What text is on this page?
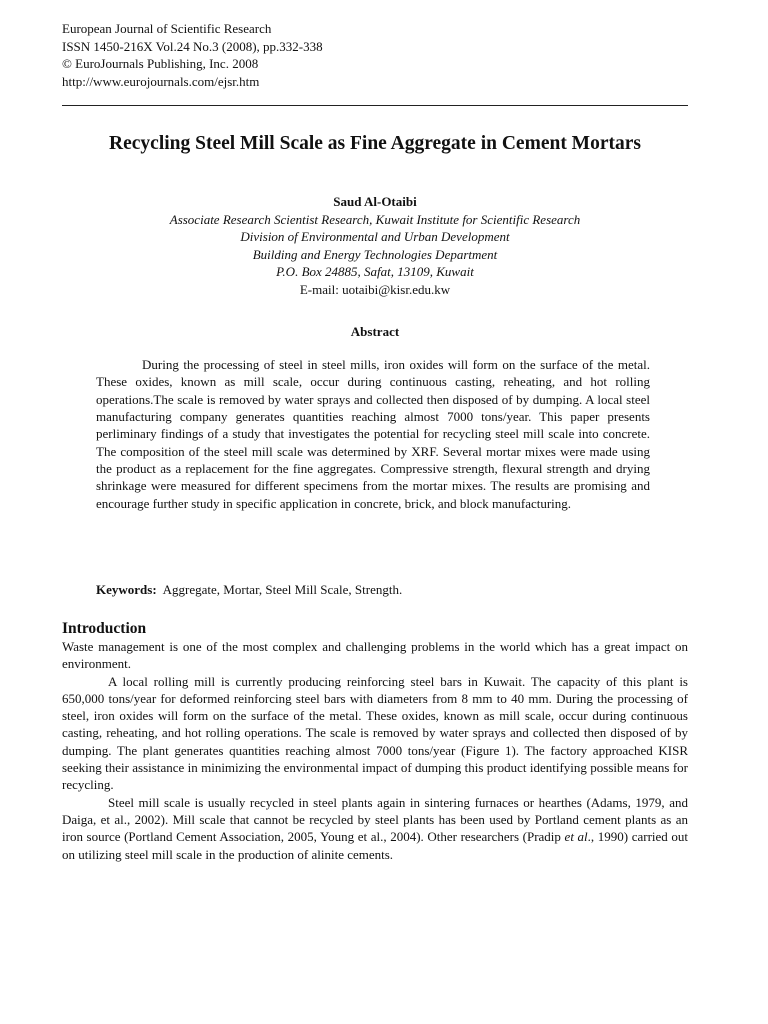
European Journal of Scientific Research
ISSN 1450-216X Vol.24 No.3 (2008), pp.332-338
© EuroJournals Publishing, Inc. 2008
http://www.eurojournals.com/ejsr.htm
Recycling Steel Mill Scale as Fine Aggregate in Cement Mortars
Saud Al-Otaibi
Associate Research Scientist Research, Kuwait Institute for Scientific Research
Division of Environmental and Urban Development
Building and Energy Technologies Department
P.O. Box 24885, Safat, 13109, Kuwait
E-mail: uotaibi@kisr.edu.kw
Abstract

During the processing of steel in steel mills, iron oxides will form on the surface of the metal. These oxides, known as mill scale, occur during continuous casting, reheating, and hot rolling operations.The scale is removed by water sprays and collected then disposed of by dumping. A local steel manufacturing company generates quantities reaching almost 7000 tons/year. This paper presents perliminary findings of a study that investigates the potential for recycling steel mill scale into concrete. The composition of the steel mill scale was determined by XRF. Several mortar mixes were made using the product as a replacement for the fine aggregates. Compressive strength, flexural strength and drying shrinkage were measured for different specimens from the mortar mixes. The results are promising and encourage further study in specific application in concrete, brick, and block manufacturing.

Keywords: Aggregate, Mortar, Steel Mill Scale, Strength.
Introduction

Waste management is one of the most complex and challenging problems in the world which has a great impact on environment.

A local rolling mill is currently producing reinforcing steel bars in Kuwait. The capacity of this plant is 650,000 tons/year for deformed reinforcing steel bars with diameters from 8 mm to 40 mm. During the processing of steel, iron oxides will form on the surface of the metal. These oxides, known as mill scale, occur during continuous casting, reheating, and hot rolling operations. The scale is removed by water sprays and collected then disposed of by dumping. The plant generates quantities reaching almost 7000 tons/year (Figure 1). The factory approached KISR seeking their assistance in minimizing the environmental impact of dumping this product identifying possible means for recycling.

Steel mill scale is usually recycled in steel plants again in sintering furnaces or hearthes (Adams, 1979, and Daiga, et al., 2002). Mill scale that cannot be recycled by steel plants has been used by Portland cement plants as an iron source (Portland Cement Association, 2005, Young et al., 2004). Other researchers (Pradip et al., 1990) carried out on utilizing steel mill scale in the production of alinite cements.
